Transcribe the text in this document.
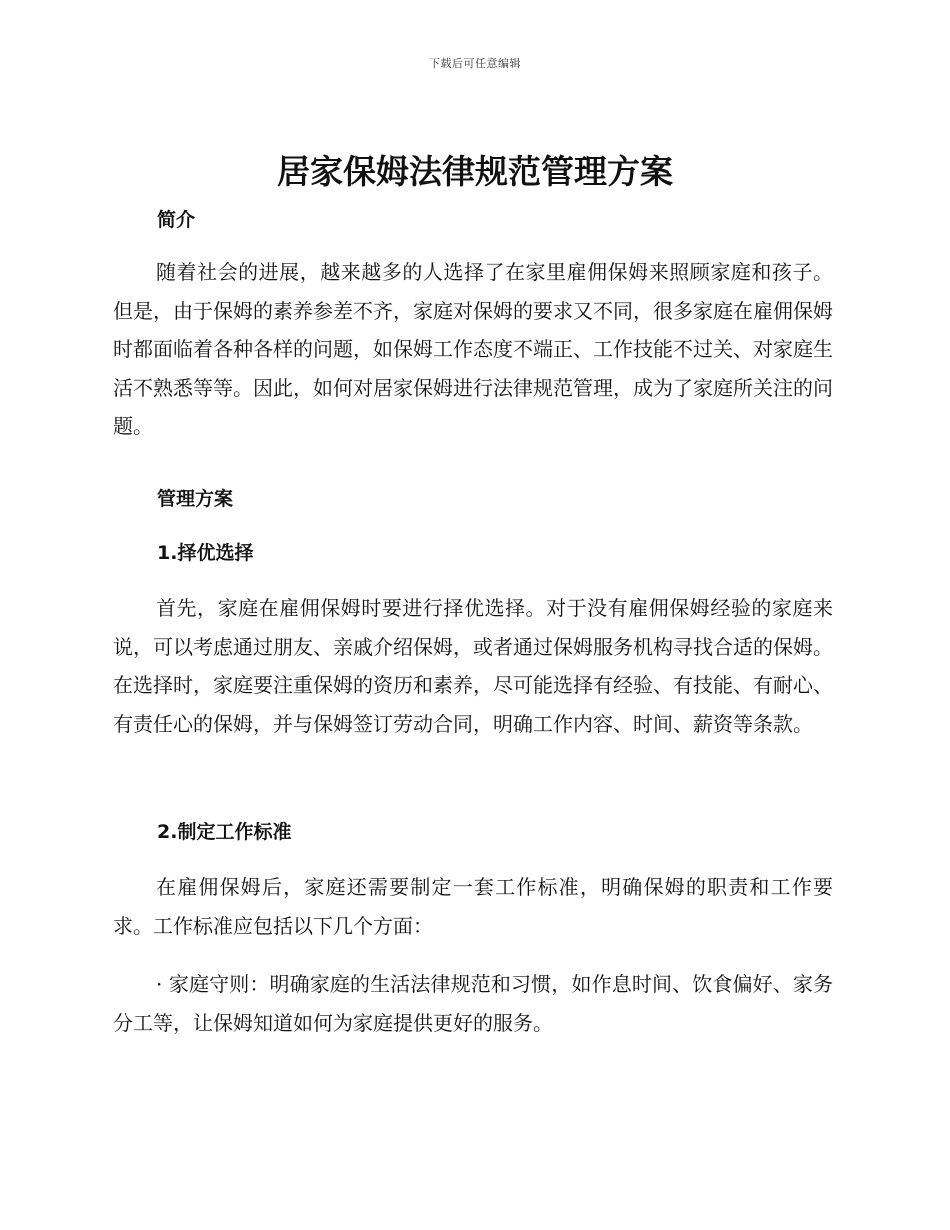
下载后可任意编辑
居家保姆法律规范管理方案
简介

随着社会的进展，越来越多的人选择了在家里雇佣保姆来照顾家庭和孩子。但是，由于保姆的素养参差不齐，家庭对保姆的要求又不同，很多家庭在雇佣保姆时都面临着各种各样的问题，如保姆工作态度不端正、工作技能不过关、对家庭生活不熟悉等等。因此，如何对居家保姆进行法律规范管理，成为了家庭所关注的问题。

管理方案
1.择优选择

首先，家庭在雇佣保姆时要进行择优选择。对于没有雇佣保姆经验的家庭来说，可以考虑通过朋友、亲戚介绍保姆，或者通过保姆服务机构寻找合适的保姆。在选择时，家庭要注重保姆的资历和素养，尽可能选择有经验、有技能、有耐心、有责任心的保姆，并与保姆签订劳动合同，明确工作内容、时间、薪资等条款。

2.制定工作标准

在雇佣保姆后，家庭还需要制定一套工作标准，明确保姆的职责和工作要求。工作标准应包括以下几个方面：

· 家庭守则：明确家庭的生活法律规范和习惯，如作息时间、饮食偏好、家务分工等，让保姆知道如何为家庭提供更好的服务。
